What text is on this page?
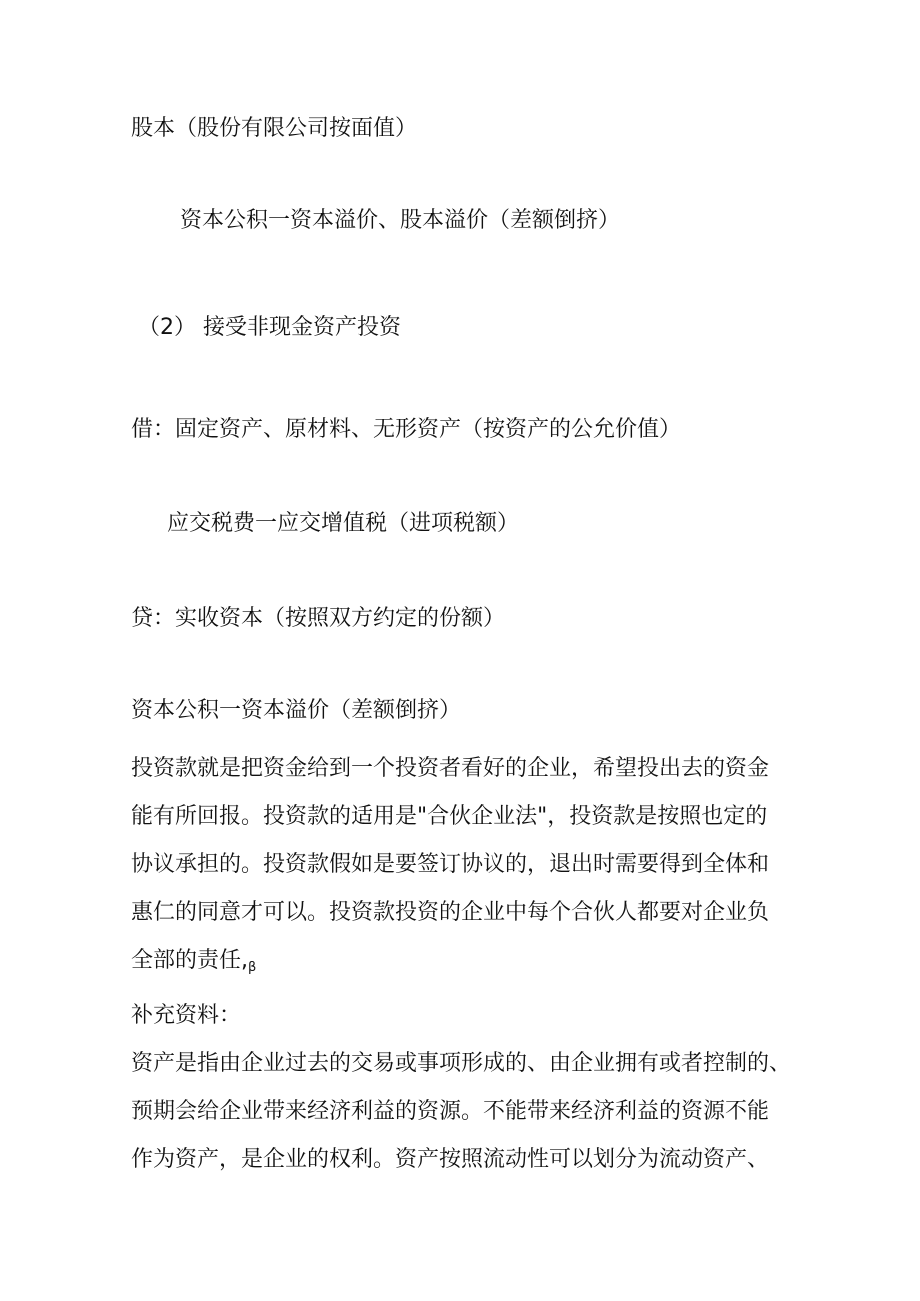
股本（股份有限公司按面值）

资本公积一资本溢价、股本溢价（差额倒挤）

（2） 接受非现金资产投资

借：固定资产、原材料、无形资产（按资产的公允价值）

应交税费一应交增值税（进项税额）

贷：实收资本（按照双方约定的份额）

资本公积一资本溢价（差额倒挤）

投资款就是把资金给到一个投资者看好的企业，希望投出去的资金

能有所回报。投资款的适用是"合伙企业法"，投资款是按照也定的

协议承担的。投资款假如是要签订协议的，退出时需要得到全体和

惠仁的同意才可以。投资款投资的企业中每个合伙人都要对企业负

全部的责任,β

补充资料：

资产是指由企业过去的交易或事项形成的、由企业拥有或者控制的、

预期会给企业带来经济利益的资源。不能带来经济利益的资源不能

作为资产，是企业的权利。资产按照流动性可以划分为流动资产、
